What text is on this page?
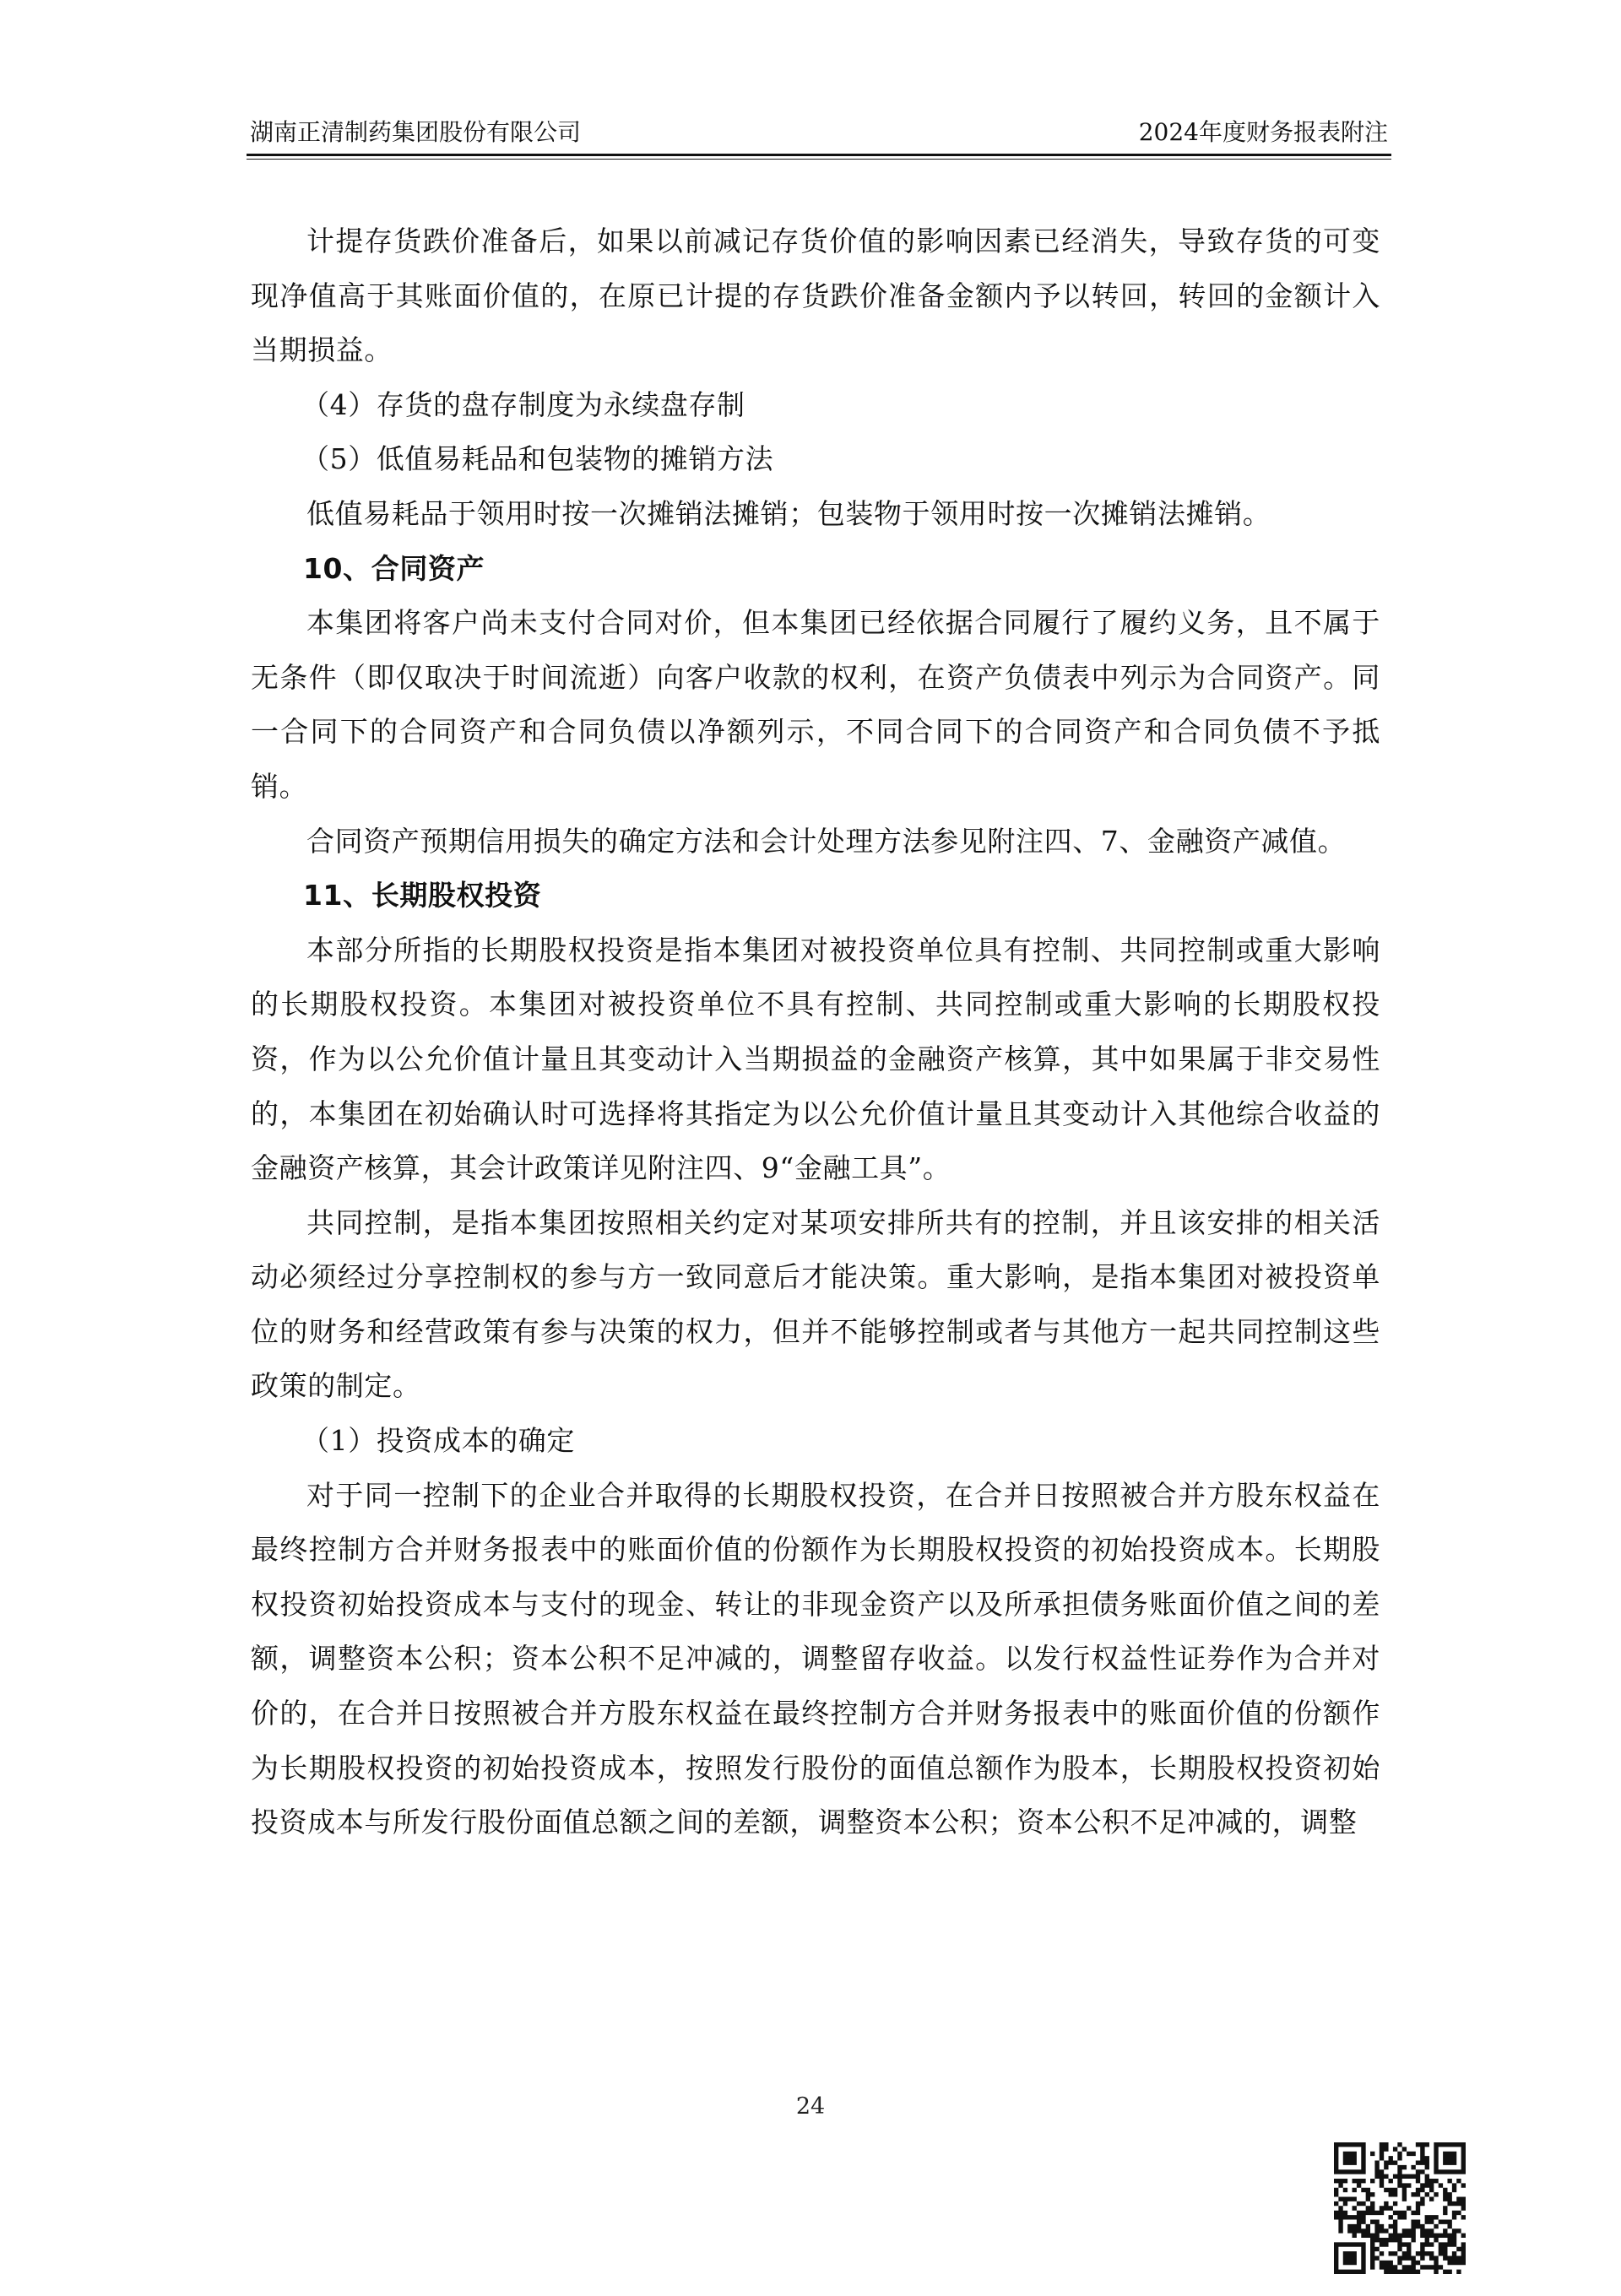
湖南正清制药集团股份有限公司	2024年度财务报表附注

计提存货跌价准备后，如果以前减记存货价值的影响因素已经消失，导致存货的可变现净值高于其账面价值的，在原已计提的存货跌价准备金额内予以转回，转回的金额计入当期损益。

（4）存货的盘存制度为永续盘存制

（5）低值易耗品和包装物的摊销方法

低值易耗品于领用时按一次摊销法摊销；包装物于领用时按一次摊销法摊销。

10、合同资产

本集团将客户尚未支付合同对价，但本集团已经依据合同履行了履约义务，且不属于无条件（即仅取决于时间流逝）向客户收款的权利，在资产负债表中列示为合同资产。同一合同下的合同资产和合同负债以净额列示，不同合同下的合同资产和合同负债不予抵销。

合同资产预期信用损失的确定方法和会计处理方法参见附注四、7、金融资产减值。

11、长期股权投资

本部分所指的长期股权投资是指本集团对被投资单位具有控制、共同控制或重大影响的长期股权投资。本集团对被投资单位不具有控制、共同控制或重大影响的长期股权投资，作为以公允价值计量且其变动计入当期损益的金融资产核算，其中如果属于非交易性的，本集团在初始确认时可选择将其指定为以公允价值计量且其变动计入其他综合收益的金融资产核算，其会计政策详见附注四、9“金融工具”。

共同控制，是指本集团按照相关约定对某项安排所共有的控制，并且该安排的相关活动必须经过分享控制权的参与方一致同意后才能决策。重大影响，是指本集团对被投资单位的财务和经营政策有参与决策的权力，但并不能够控制或者与其他方一起共同控制这些政策的制定。

（1）投资成本的确定

对于同一控制下的企业合并取得的长期股权投资，在合并日按照被合并方股东权益在最终控制方合并财务报表中的账面价值的份额作为长期股权投资的初始投资成本。长期股权投资初始投资成本与支付的现金、转让的非现金资产以及所承担债务账面价值之间的差额，调整资本公积；资本公积不足冲减的，调整留存收益。以发行权益性证券作为合并对价的，在合并日按照被合并方股东权益在最终控制方合并财务报表中的账面价值的份额作为长期股权投资的初始投资成本，按照发行股份的面值总额作为股本，长期股权投资初始投资成本与所发行股份面值总额之间的差额，调整资本公积；资本公积不足冲减的，调整

24
